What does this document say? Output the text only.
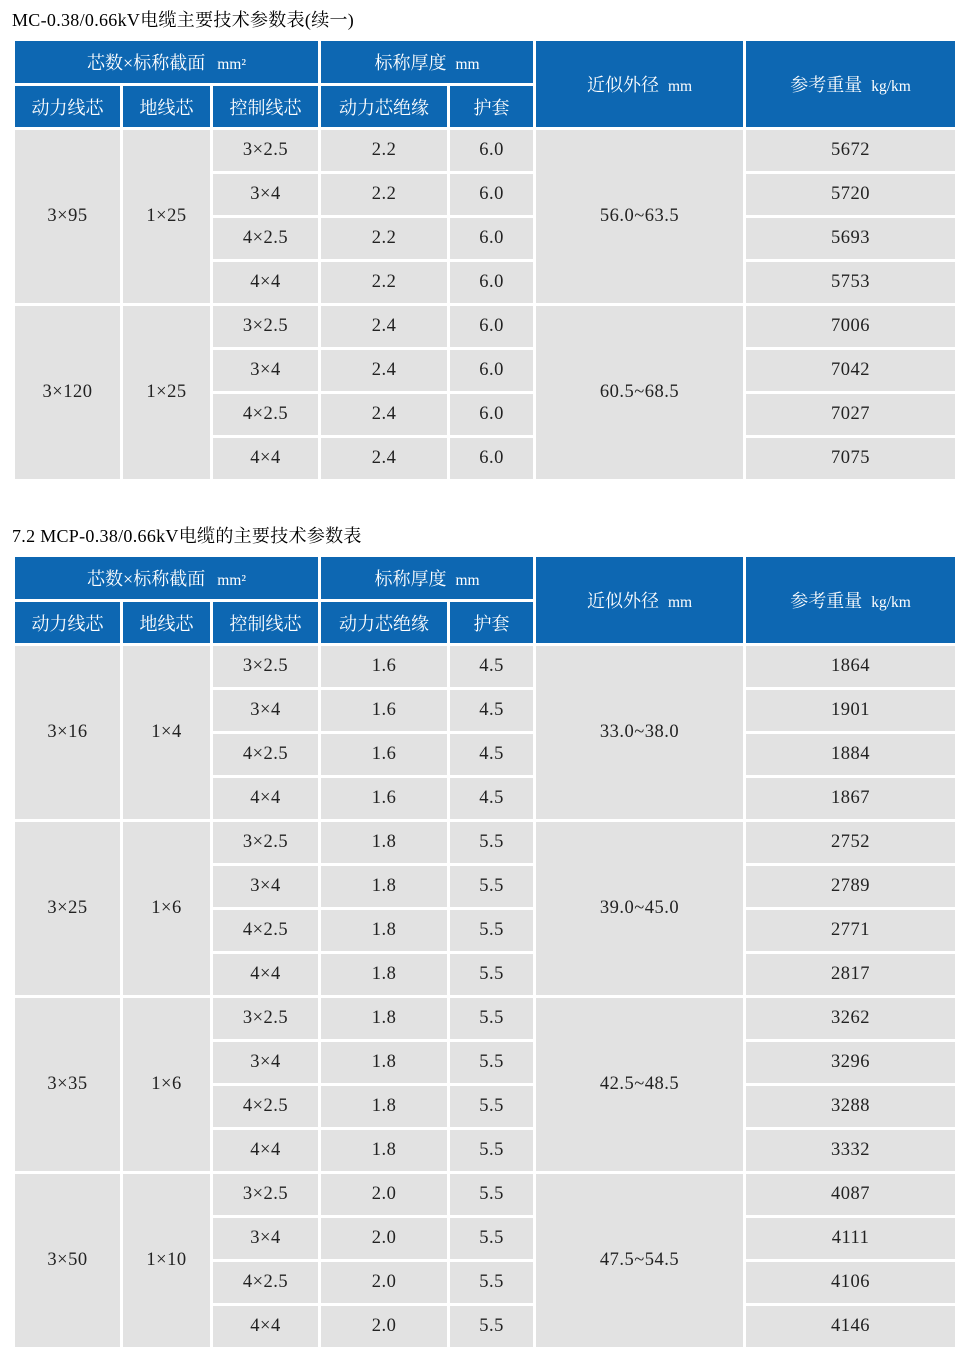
MC-0.38/0.66kV电缆主要技术参数表(续一)
芯数×标称截面 mm²			标称厚度 mm		近似外径 mm	参考重量 kg/km
动力线芯	地线芯	控制线芯	动力芯绝缘	护套		
3×95	1×25	3×2.5	2.2	6.0	56.0~63.5	5672
		3×4	2.2	6.0		5720
		4×2.5	2.2	6.0		5693
		4×4	2.2	6.0		5753
3×120	1×25	3×2.5	2.4	6.0	60.5~68.5	7006
		3×4	2.4	6.0		7042
		4×2.5	2.4	6.0		7027
		4×4	2.4	6.0		7075
7.2 MCP-0.38/0.66kV电缆的主要技术参数表
芯数×标称截面 mm²			标称厚度 mm		近似外径 mm	参考重量 kg/km
动力线芯	地线芯	控制线芯	动力芯绝缘	护套		
3×16	1×4	3×2.5	1.6	4.5	33.0~38.0	1864
		3×4	1.6	4.5		1901
		4×2.5	1.6	4.5		1884
		4×4	1.6	4.5		1867
3×25	1×6	3×2.5	1.8	5.5	39.0~45.0	2752
		3×4	1.8	5.5		2789
		4×2.5	1.8	5.5		2771
		4×4	1.8	5.5		2817
3×35	1×6	3×2.5	1.8	5.5	42.5~48.5	3262
		3×4	1.8	5.5		3296
		4×2.5	1.8	5.5		3288
		4×4	1.8	5.5		3332
3×50	1×10	3×2.5	2.0	5.5	47.5~54.5	4087
		3×4	2.0	5.5		4111
		4×2.5	2.0	5.5		4106
		4×4	2.0	5.5		4146
